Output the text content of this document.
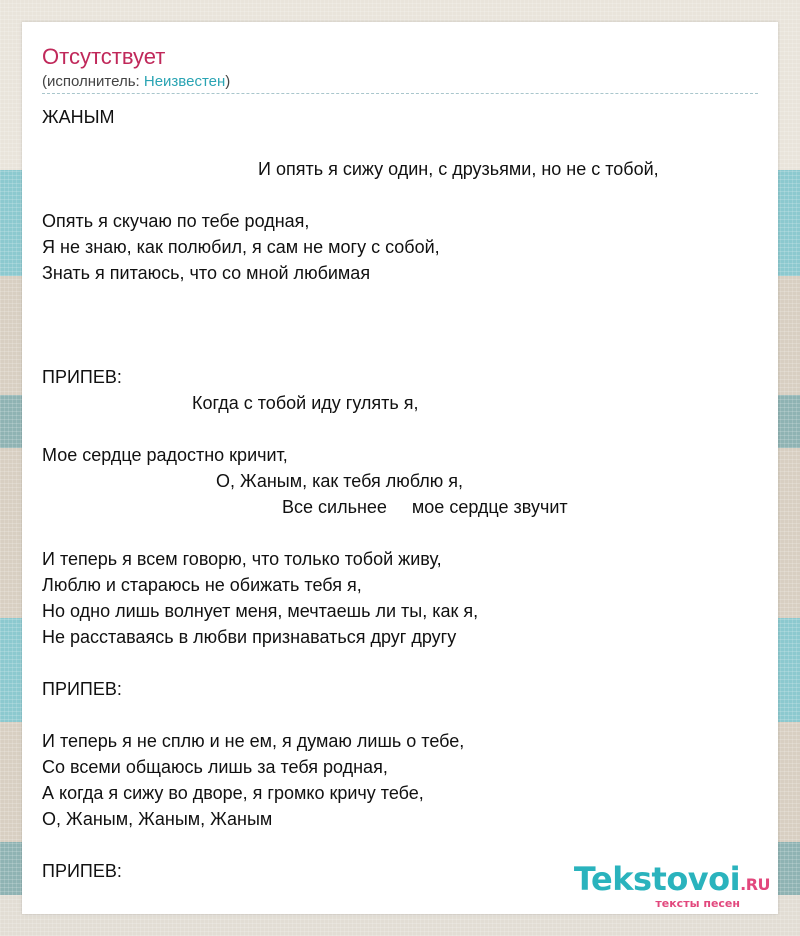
Отсутствует
(исполнитель: Неизвестен)
ЖАНЫМ
И опять я сижу один, с друзьями, но не с тобой,
Опять я скучаю по тебе родная,
Я не знаю, как полюбил, я сам не могу с собой,
Знать я питаюсь, что со мной любимая
ПРИПЕВ:
Когда с тобой иду гулять я,
Мое сердце радостно кричит,
О, Жаным, как тебя люблю я,
Все сильнее     мое сердце звучит
И теперь я всем говорю, что только тобой живу,
Люблю и стараюсь не обижать тебя я,
Но одно лишь волнует меня, мечтаешь ли ты, как я,
Не расставаясь в любви признаваться друг другу
ПРИПЕВ:
И теперь я не сплю и не ем, я думаю лишь о тебе,
Со всеми общаюсь лишь за тебя родная,
А когда я сижу во дворе, я громко кричу тебе,
О, Жаным, Жаным, Жаным
ПРИПЕВ:	Tekstovoi.RU
тексты песен
